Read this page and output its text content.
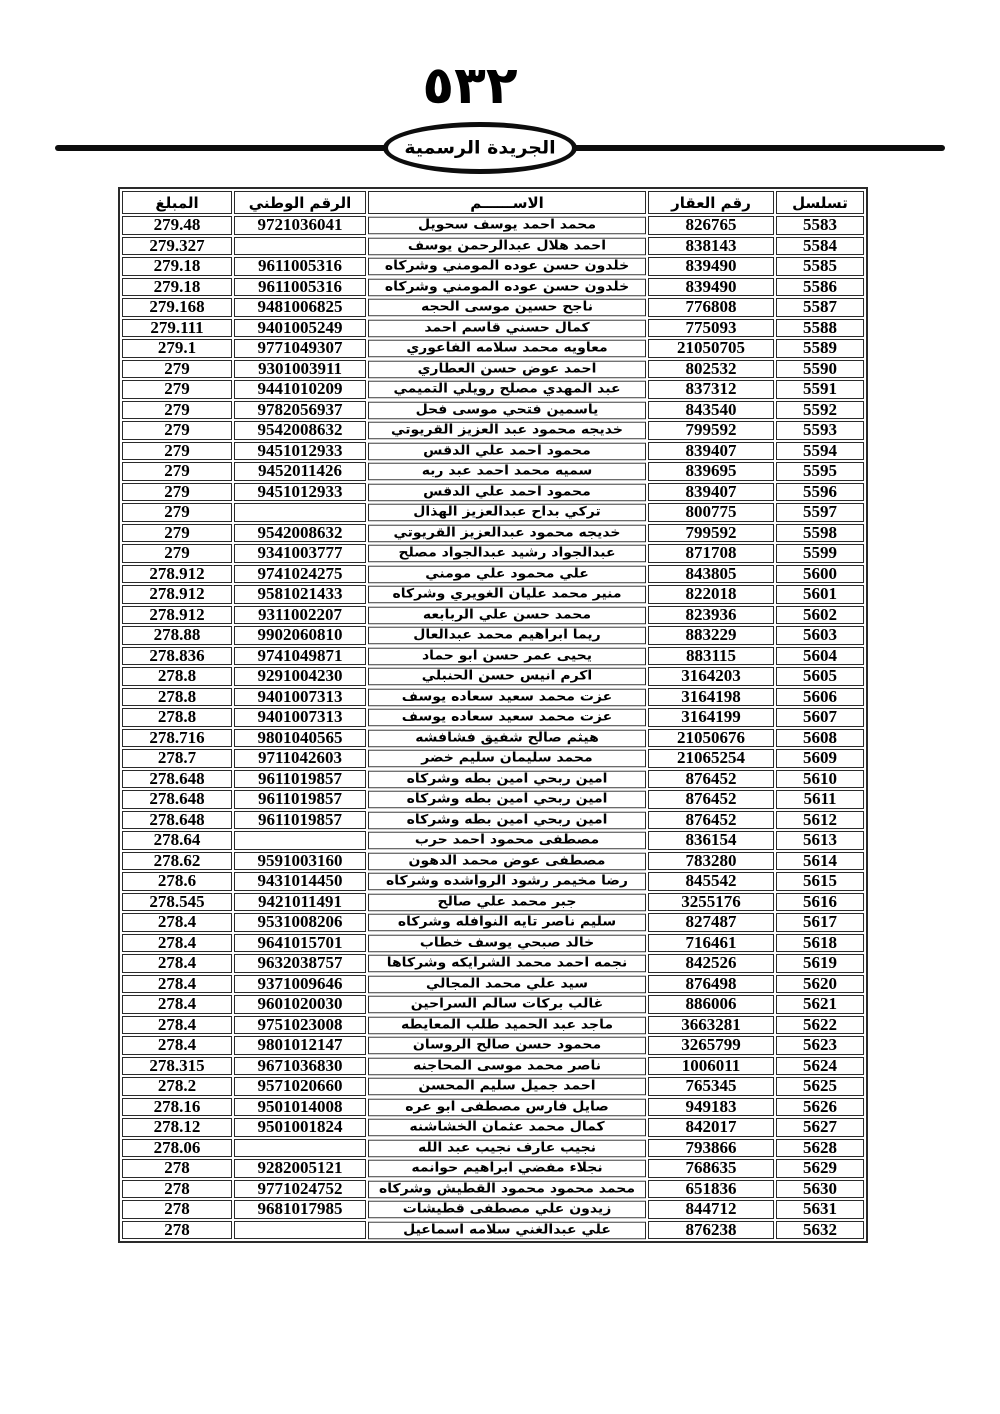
٥٣٢
الجريدة الرسمية
تسلسل	رقم العقار	الاســــــم	الرقم الوطني	المبلغ
5583	826765	محمد احمد يوسف سحويل	9721036041	279.48
5584	838143	احمد هلال عبدالرحمن يوسف		279.327
5585	839490	خلدون حسن عوده المومني وشركاه	9611005316	279.18
5586	839490	خلدون حسن عوده المومني وشركاه	9611005316	279.18
5587	776808	ناجح حسين موسى الحجه	9481006825	279.168
5588	775093	كمال حسني قاسم احمد	9401005249	279.111
5589	21050705	معاويه محمد سلامه الفاعوري	9771049307	279.1
5590	802532	احمد عوض حسن العطاري	9301003911	279
5591	837312	عبد المهدي مصلح رويلي التميمي	9441010209	279
5592	843540	ياسمين فتحي موسى فحل	9782056937	279
5593	799592	خديجه محمود عبد العزيز القريوتي	9542008632	279
5594	839407	محمود احمد علي الدقس	9451012933	279
5595	839695	سميه محمد احمد عبد ربه	9452011426	279
5596	839407	محمود احمد علي الدقس	9451012933	279
5597	800775	تركي بداح عبدالعزيز الهذال		279
5598	799592	خديجه محمود عبدالعزيز القريوتي	9542008632	279
5599	871708	عبدالجواد رشيد عبدالجواد مصلح	9341003777	279
5600	843805	علي محمود علي مومني	9741024275	278.912
5601	822018	منير محمد عليان الغويري وشركاه	9581021433	278.912
5602	823936	محمد حسن علي الربابعه	9311002207	278.912
5603	883229	ريما ابراهيم محمد عبدالعال	9902060810	278.88
5604	883115	يحيى عمر حسن ابو حماد	9741049871	278.836
5605	3164203	اكرم انيس حسن الحنبلي	9291004230	278.8
5606	3164198	عزت محمد سعيد سعاده يوسف	9401007313	278.8
5607	3164199	عزت محمد سعيد سعاده يوسف	9401007313	278.8
5608	21050676	هيثم صالح شفيق فشافشه	9801040565	278.716
5609	21065254	محمد سليمان سليم خضر	9711042603	278.7
5610	876452	امين ربحي امين بطه وشركاه	9611019857	278.648
5611	876452	امين ربحي امين بطه وشركاه	9611019857	278.648
5612	876452	امين ربحي امين بطه وشركاه	9611019857	278.648
5613	836154	مصطفى محمود احمد حرب		278.64
5614	783280	مصطفى عوض محمد الدهون	9591003160	278.62
5615	845542	رضا مخيمر رشود الرواشده وشركاه	9431014450	278.6
5616	3255176	جبر محمد علي صالح	9421011491	278.545
5617	827487	سليم ناصر تايه النوافله وشركاه	9531008206	278.4
5618	716461	خالد صبحي يوسف خطاب	9641015701	278.4
5619	842526	نجمه احمد محمد الشرايكه وشركاها	9632038757	278.4
5620	876498	سيد علي محمد المجالي	9371009646	278.4
5621	886006	غالب بركات سالم السراحين	9601020030	278.4
5622	3663281	ماجد عبد الحميد طلب المعايطه	9751023008	278.4
5623	3265799	محمود حسن صالح الروسان	9801012147	278.4
5624	1006011	ناصر محمد موسى المحاجنه	9671036830	278.315
5625	765345	احمد جميل سليم المحسن	9571020660	278.2
5626	949183	صايل فارس مصطفى ابو عره	9501014008	278.16
5627	842017	كمال محمد عثمان الخشاشنه	9501001824	278.12
5628	793866	نجيب عارف نجيب عبد الله		278.06
5629	768635	نجلاء مفضي ابراهيم حوانمه	9282005121	278
5630	651836	محمد محمود محمود القطيش وشركاه	9771024752	278
5631	844712	زيدون علي مصطفى قطيشات	9681017985	278
5632	876238	علي عبدالغني سلامه اسماعيل		278
